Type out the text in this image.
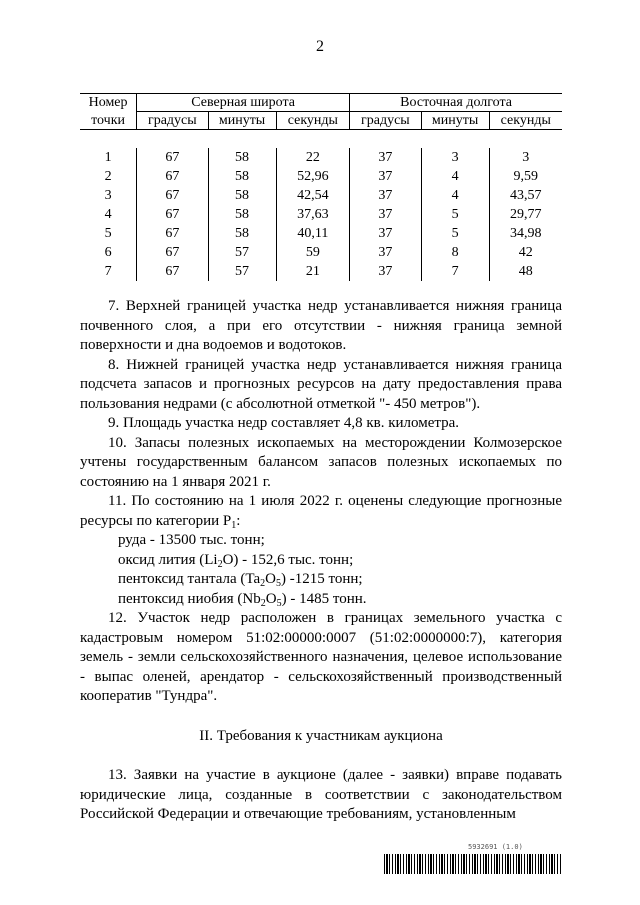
2
Номер	Северная широта			Восточная долгота		
точки	градусы	минуты	секунды	градусы	минуты	секунды

1	67	58	22	37	3	3
2	67	58	52,96	37	4	9,59
3	67	58	42,54	37	4	43,57
4	67	58	37,63	37	5	29,77
5	67	58	40,11	37	5	34,98
6	67	57	59	37	8	42
7	67	57	21	37	7	48

7. Верхней границей участка недр устанавливается нижняя граница почвенного слоя, а при его отсутствии - нижняя граница земной поверхности и дна водоемов и водотоков.

8. Нижней границей участка недр устанавливается нижняя граница подсчета запасов и прогнозных ресурсов на дату предоставления права пользования недрами (с абсолютной отметкой "- 450 метров").

9. Площадь участка недр составляет 4,8 кв. километра.

10. Запасы полезных ископаемых на месторождении Колмозерское учтены государственным балансом запасов полезных ископаемых по состоянию на 1 января 2021 г.

11. По состоянию на 1 июля 2022 г. оценены следующие прогнозные ресурсы по категории $P_1$:

руда - 13500 тыс. тонн;

оксид лития $(Li_2O) - 152,6$ тыс. тонн;

пентоксид тантала $(Ta_2O_5)$ -1215 тонн;

пентоксид ниобия $(Nb_2O_5) - 1485$ тонн.

12. Участок недр расположен в границах земельного участка с кадастровым номером 51:02:00000:0007 (51:02:0000000:7), категория земель - земли сельскохозяйственного назначения, целевое использование - выпас оленей, арендатор - сельскохозяйственный производственный кооператив "Тундра".

II. Требования к участникам аукциона

13. Заявки на участие в аукционе (далее - заявки) вправе подавать юридические лица, созданные в соответствии с законодательством Российской Федерации и отвечающие требованиям, установленным

5932691 (1.0)
